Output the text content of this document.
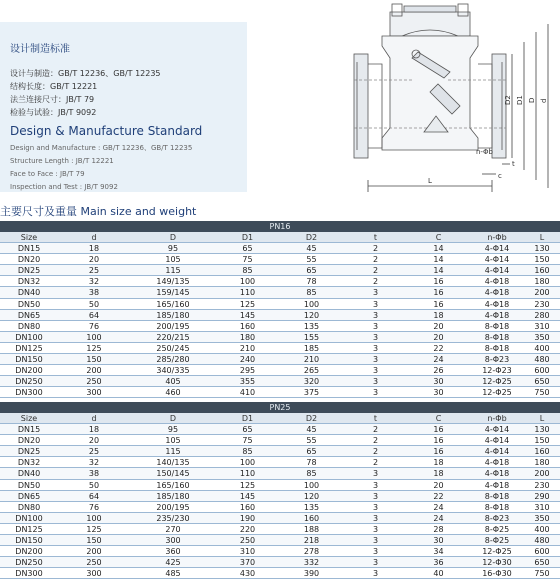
设计制造标准
设计与制造：GB/T 12236、GB/T 12235
结构长度：GB/T 12221
法兰连接尺寸：JB/T 79
检验与试验：JB/T 9092
Design & Manufacture Standard
Design and Manufacture : GB/T 12236、GB/T 12235
Structure Length : JB/T 12221
Face to Face : JB/T 79
Inspection and Test : JB/T 9092
D2 D1 D d
n-Φb
t
c
L
主要尺寸及重量 Main size and weight
PN16
Size	d	D	D1	D2	t	C	n-Φb	L
DN15	18	95	65	45	2	14	4-Φ14	130
DN20	20	105	75	55	2	14	4-Φ14	150
DN25	25	115	85	65	2	14	4-Φ14	160
DN32	32	149/135	100	78	2	16	4-Φ18	180
DN40	38	159/145	110	85	3	16	4-Φ18	200
DN50	50	165/160	125	100	3	16	4-Φ18	230
DN65	64	185/180	145	120	3	18	4-Φ18	280
DN80	76	200/195	160	135	3	20	8-Φ18	310
DN100	100	220/215	180	155	3	20	8-Φ18	350
DN125	125	250/245	210	185	3	22	8-Φ18	400
DN150	150	285/280	240	210	3	24	8-Φ23	480
DN200	200	340/335	295	265	3	26	12-Φ23	600
DN250	250	405	355	320	3	30	12-Φ25	650
DN300	300	460	410	375	3	30	12-Φ25	750
PN25
Size	d	D	D1	D2	t	C	n-Φb	L
DN15	18	95	65	45	2	16	4-Φ14	130
DN20	20	105	75	55	2	16	4-Φ14	150
DN25	25	115	85	65	2	16	4-Φ14	160
DN32	32	140/135	100	78	2	18	4-Φ18	180
DN40	38	150/145	110	85	3	18	4-Φ18	200
DN50	50	165/160	125	100	3	20	4-Φ18	230
DN65	64	185/180	145	120	3	22	8-Φ18	290
DN80	76	200/195	160	135	3	24	8-Φ18	310
DN100	100	235/230	190	160	3	24	8-Φ23	350
DN125	125	270	220	188	3	28	8-Φ25	400
DN150	150	300	250	218	3	30	8-Φ25	480
DN200	200	360	310	278	3	34	12-Φ25	600
DN250	250	425	370	332	3	36	12-Φ30	650
DN300	300	485	430	390	3	40	16-Φ30	750
